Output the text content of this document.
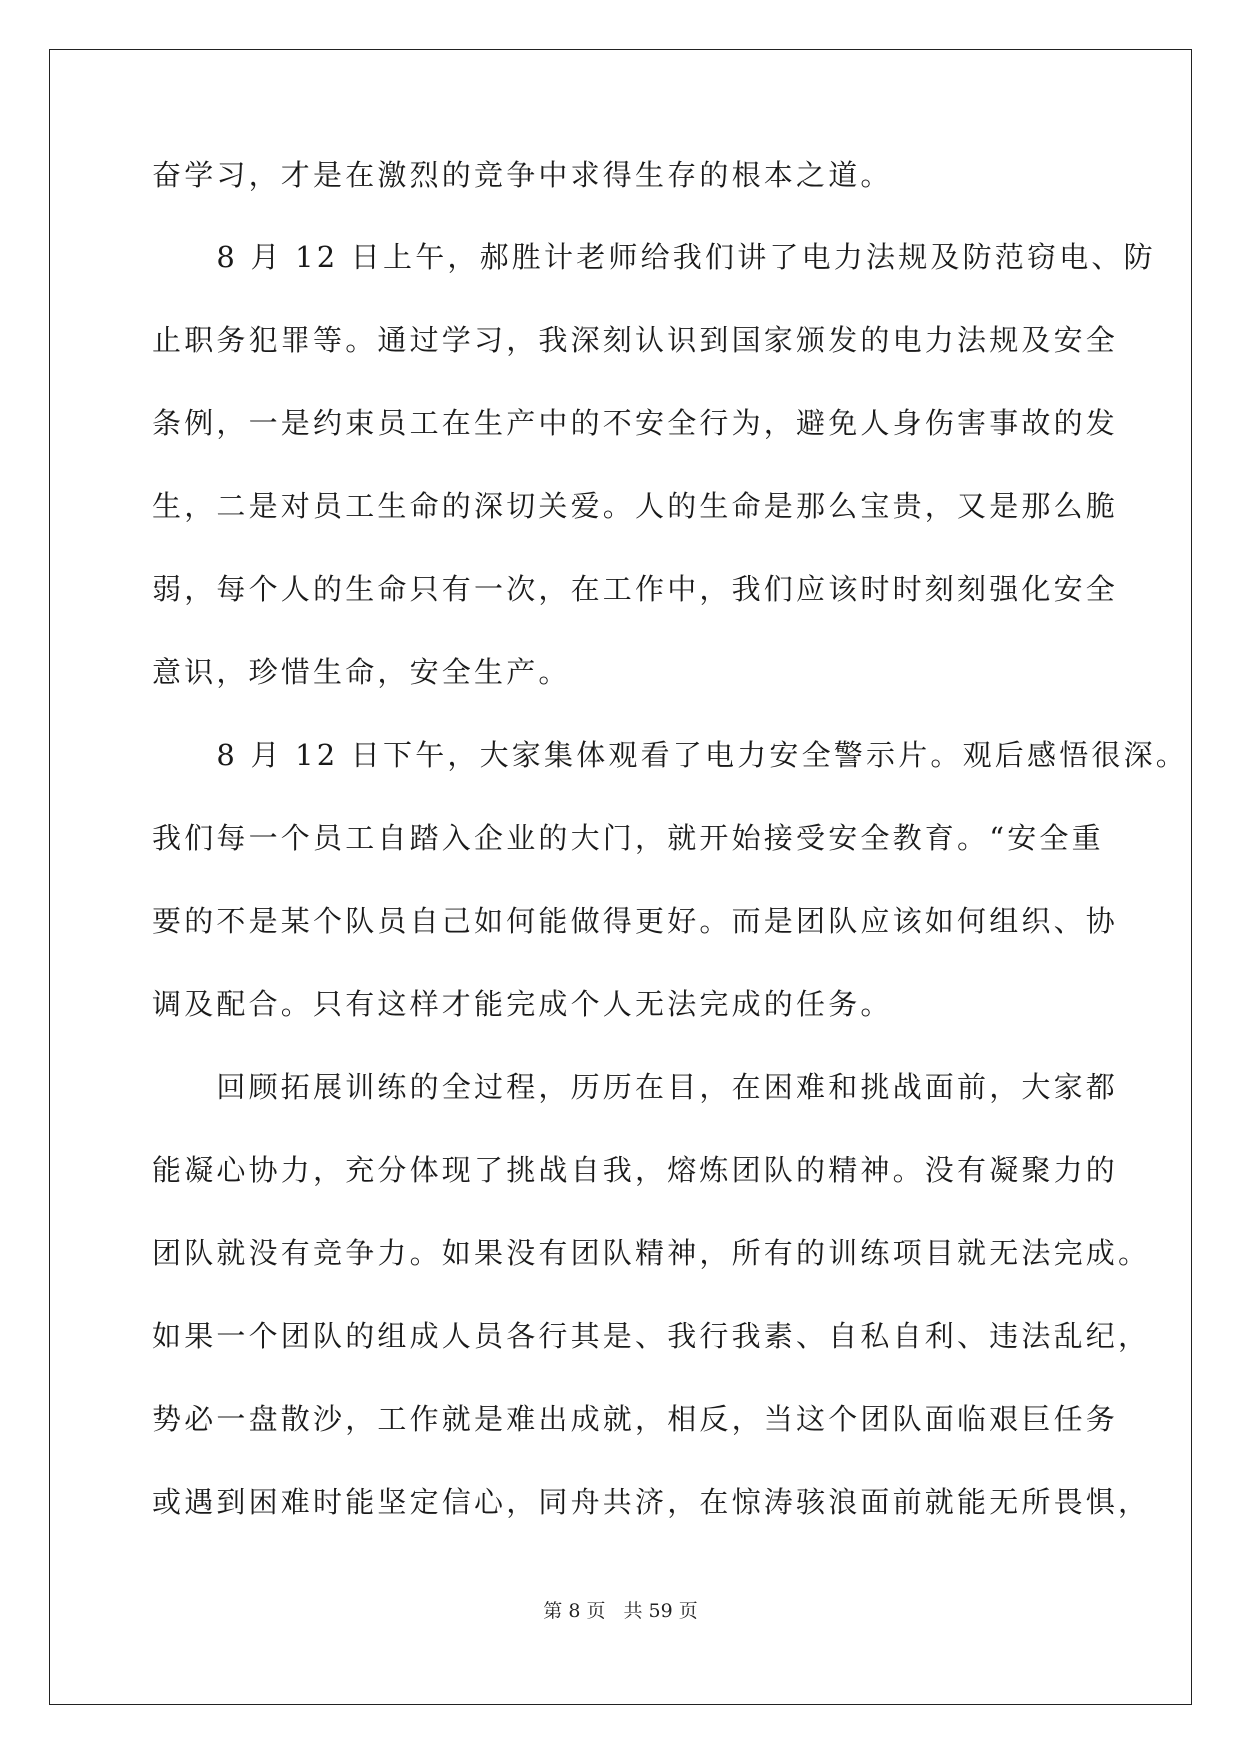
奋学习，才是在激烈的竞争中求得生存的根本之道。
　　8 月 12 日上午，郝胜计老师给我们讲了电力法规及防范窃电、防
止职务犯罪等。通过学习，我深刻认识到国家颁发的电力法规及安全
条例，一是约束员工在生产中的不安全行为，避免人身伤害事故的发
生，二是对员工生命的深切关爱。人的生命是那么宝贵，又是那么脆
弱，每个人的生命只有一次，在工作中，我们应该时时刻刻强化安全
意识，珍惜生命，安全生产。
　　8 月 12 日下午，大家集体观看了电力安全警示片。观后感悟很深。
我们每一个员工自踏入企业的大门，就开始接受安全教育。“安全重
要的不是某个队员自己如何能做得更好。而是团队应该如何组织、协
调及配合。只有这样才能完成个人无法完成的任务。
　　回顾拓展训练的全过程，历历在目，在困难和挑战面前，大家都
能凝心协力，充分体现了挑战自我，熔炼团队的精神。没有凝聚力的
团队就没有竞争力。如果没有团队精神，所有的训练项目就无法完成。
如果一个团队的组成人员各行其是、我行我素、自私自利、违法乱纪，
势必一盘散沙，工作就是难出成就，相反，当这个团队面临艰巨任务
或遇到困难时能坚定信心，同舟共济，在惊涛骇浪面前就能无所畏惧，
第 8 页 共 59 页
